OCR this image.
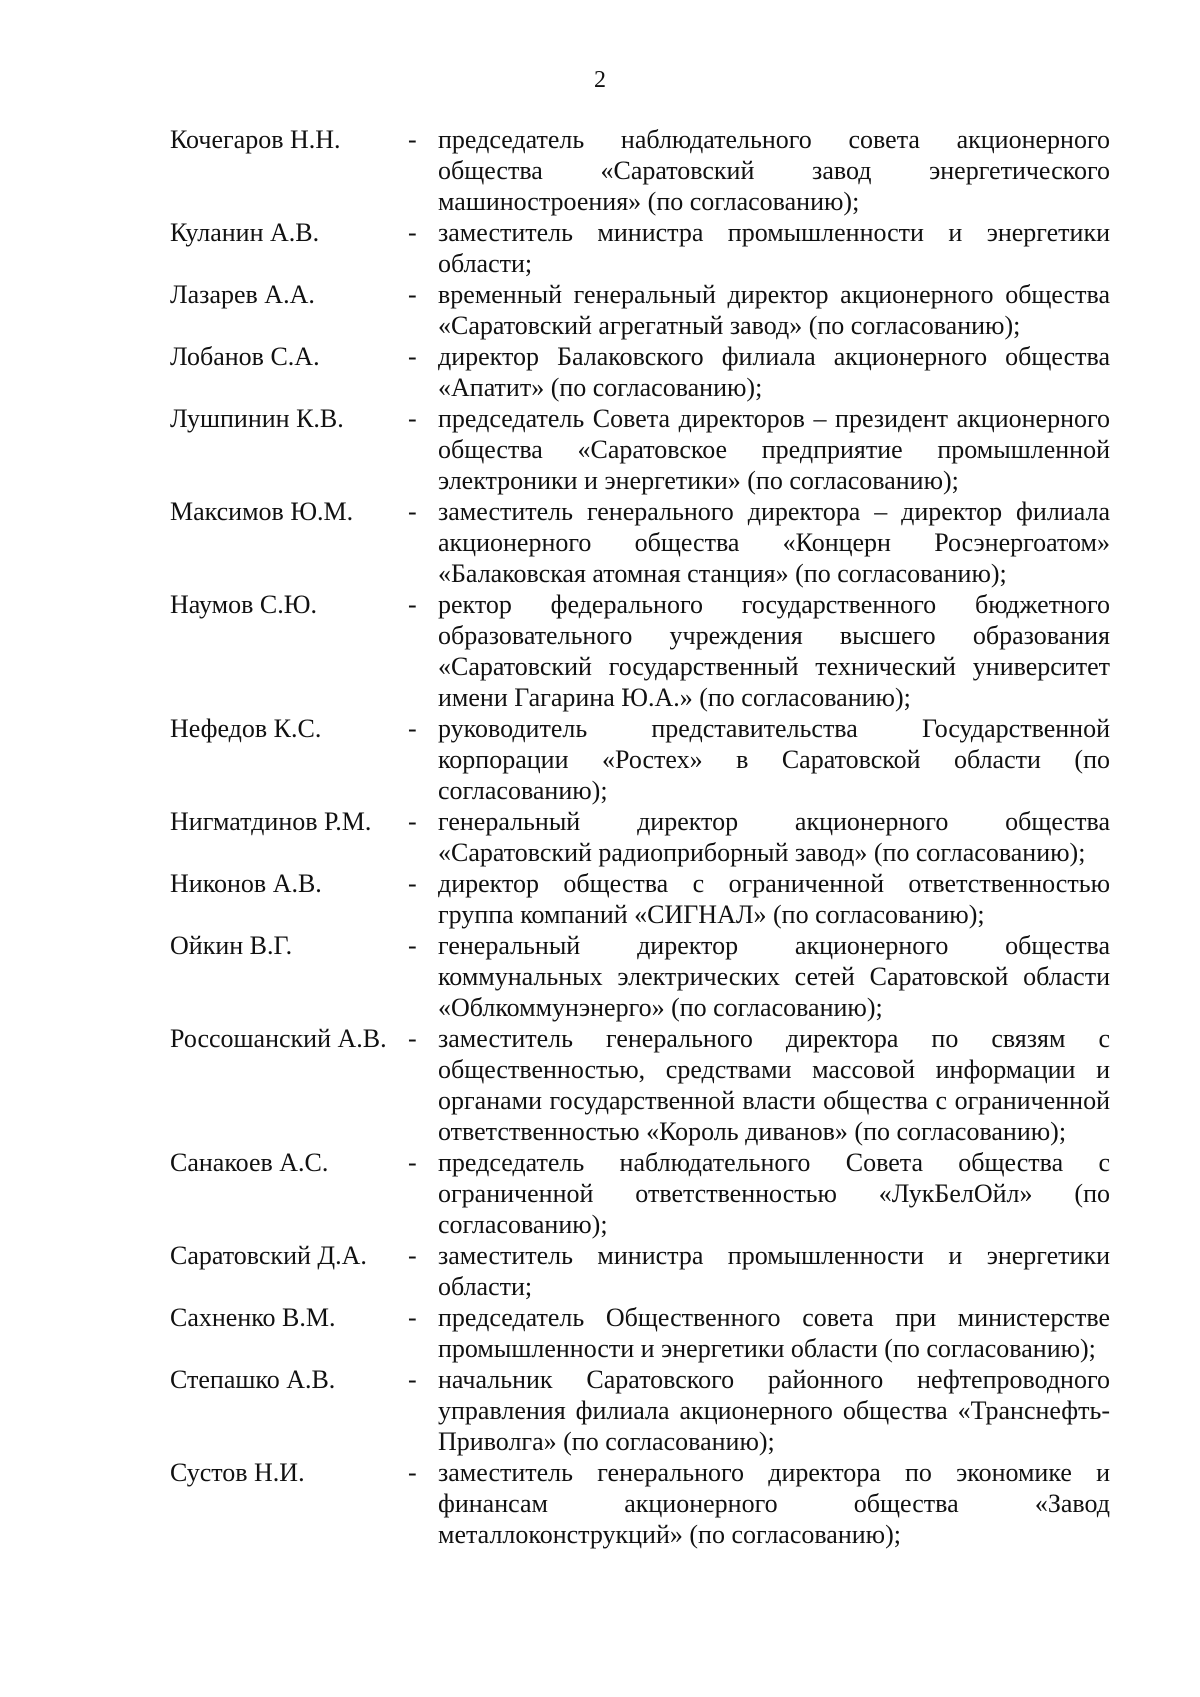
2
Кочегаров Н.Н.	- председатель наблюдательного совета акционерного общества «Саратовский завод энергетического машиностроения» (по согласованию);
Куланин А.В.	- заместитель министра промышленности и энергетики области;
Лазарев А.А.	- временный генеральный директор акционерного общества «Саратовский агрегатный завод» (по согласованию);
Лобанов С.А.	- директор Балаковского филиала акционерного общества «Апатит» (по согласованию);
Лушпинин К.В.	- председатель Совета директоров – президент акционерного общества «Саратовское предприятие промышленной электроники и энергетики» (по согласованию);
Максимов Ю.М.	- заместитель генерального директора – директор филиала акционерного общества «Концерн Росэнергоатом» «Балаковская атомная станция» (по согласованию);
Наумов С.Ю.	- ректор федерального государственного бюджетного образовательного учреждения высшего образования «Саратовский государственный технический университет имени Гагарина Ю.А.» (по согласованию);
Нефедов К.С.	- руководитель представительства Государственной корпорации «Ростех» в Саратовской области (по согласованию);
Нигматдинов Р.М.	- генеральный директор акционерного общества «Саратовский радиоприборный завод» (по согласованию);
Никонов А.В.	- директор общества с ограниченной ответственностью группа компаний «СИГНАЛ» (по согласованию);
Ойкин В.Г.	- генеральный директор акционерного общества коммунальных электрических сетей Саратовской области «Облкоммунэнерго» (по согласованию);
Россошанский А.В. - заместитель генерального директора по связям с общественностью, средствами массовой информации и органами государственной власти общества с ограниченной ответственностью «Король диванов» (по согласованию);
Санакоев А.С.	- председатель наблюдательного Совета общества с ограниченной ответственностью «ЛукБелОйл» (по согласованию);
Саратовский Д.А.	- заместитель министра промышленности и энергетики области;
Сахненко В.М.	- председатель Общественного совета при министерстве промышленности и энергетики области (по согласованию);
Степашко А.В.	- начальник Саратовского районного нефтепроводного управления филиала акционерного общества «Транснефть-Приволга» (по согласованию);
Сустов Н.И.	- заместитель генерального директора по экономике и финансам акционерного общества «Завод металлоконструкций» (по согласованию);
